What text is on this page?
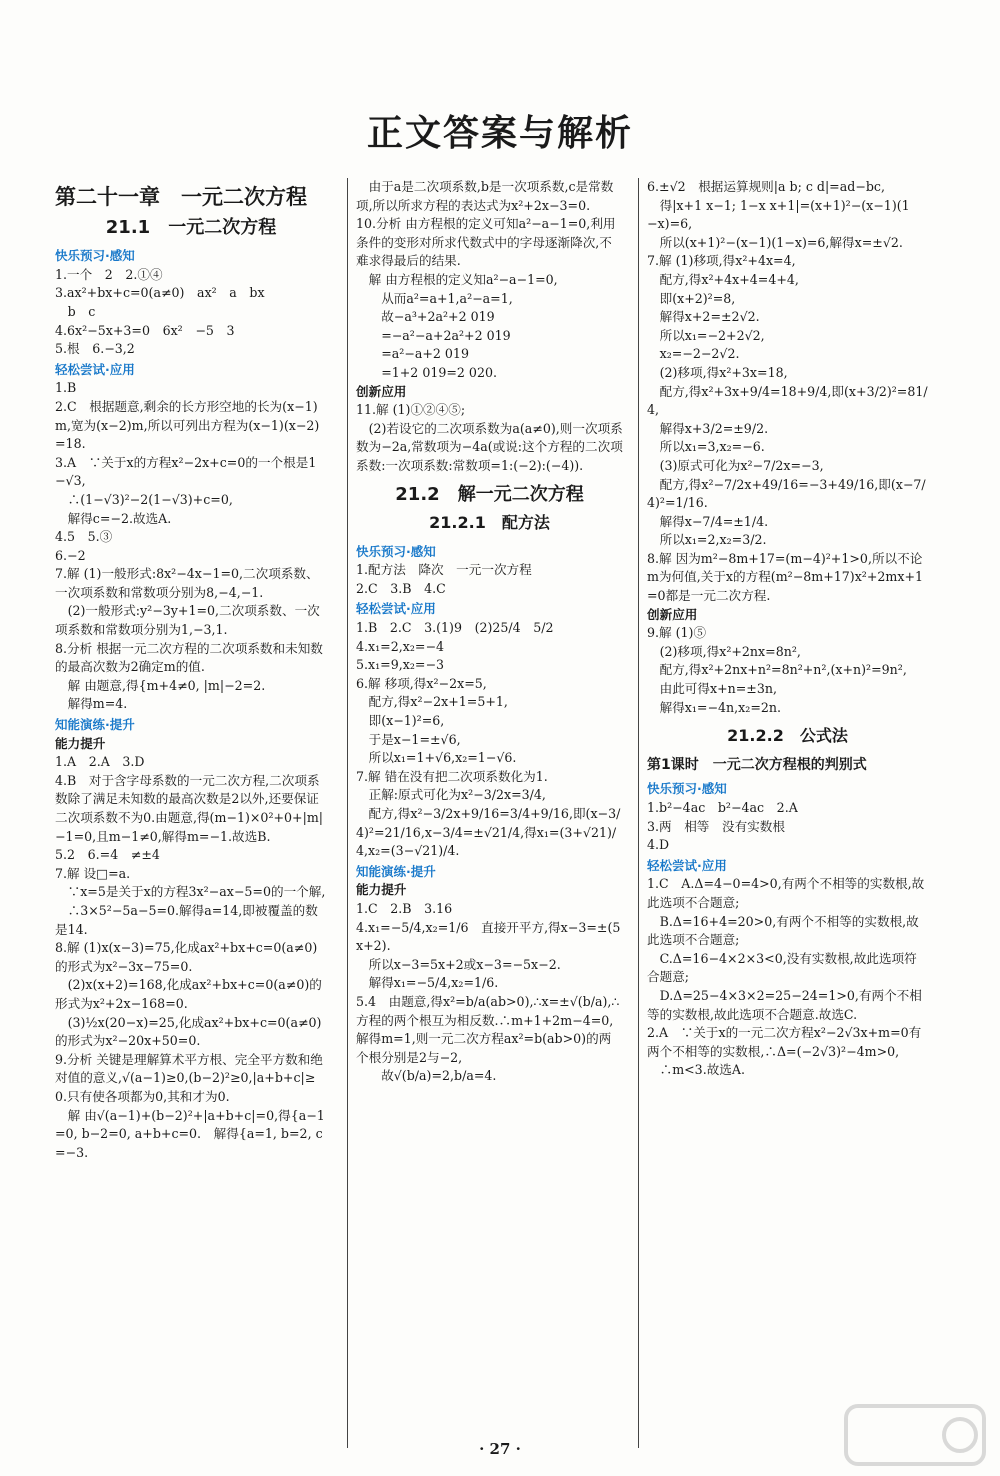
正文答案与解析
第二十一章　一元二次方程
21.1　一元二次方程
快乐预习·感知

1.一个　2　2.①④

3.ax²+bx+c=0(a≠0)　ax²　a　bx

　b　c

4.6x²−5x+3=0　6x²　−5　3

5.根　6.−3,2

轻松尝试·应用

1.B

2.C　根据题意,剩余的长方形空地的长为(x−1)m,宽为(x−2)m,所以可列出方程为(x−1)(x−2)=18.

3.A　∵关于x的方程x²−2x+c=0的一个根是1−√3,

　∴(1−√3)²−2(1−√3)+c=0,

　解得c=−2.故选A.

4.5　5.③

6.−2

7.解 (1)一般形式:8x²−4x−1=0,二次项系数、一次项系数和常数项分别为8,−4,−1.

　(2)一般形式:y²−3y+1=0,二次项系数、一次项系数和常数项分别为1,−3,1.

8.分析 根据一元二次方程的二次项系数和未知数的最高次数为2确定m的值.

　解 由题意,得{m+4≠0, |m|−2=2.

　解得m=4.

知能演练·提升
能力提升

1.A　2.A　3.D

4.B　对于含字母系数的一元二次方程,二次项系数除了满足未知数的最高次数是2以外,还要保证二次项系数不为0.由题意,得(m−1)×0²+0+|m|−1=0,且m−1≠0,解得m=−1.故选B.

5.2　6.=4　≠±4

7.解 设□=a.

　∵x=5是关于x的方程3x²−ax−5=0的一个解,

　∴3×5²−5a−5=0.解得a=14,即被覆盖的数是14.

8.解 (1)x(x−3)=75,化成ax²+bx+c=0(a≠0)的形式为x²−3x−75=0.

　(2)x(x+2)=168,化成ax²+bx+c=0(a≠0)的形式为x²+2x−168=0.

　(3)½x(20−x)=25,化成ax²+bx+c=0(a≠0)的形式为x²−20x+50=0.

9.分析 关键是理解算术平方根、完全平方数和绝对值的意义,√(a−1)≥0,(b−2)²≥0,|a+b+c|≥0.只有使各项都为0,其和才为0.

　解 由√(a−1)+(b−2)²+|a+b+c|=0,得{a−1=0, b−2=0, a+b+c=0.　解得{a=1, b=2, c=−3.

　由于a是二次项系数,b是一次项系数,c是常数项,所以所求方程的表达式为x²+2x−3=0.

10.分析 由方程根的定义可知a²−a−1=0,利用条件的变形对所求代数式中的字母逐渐降次,不难求得最后的结果.

　解 由方程根的定义知a²−a−1=0,

　　从而a²=a+1,a²−a=1,

　　故−a³+2a²+2 019

　　=−a²−a+2a²+2 019

　　=a²−a+2 019

　　=1+2 019=2 020.

创新应用

11.解 (1)①②④⑤;

　(2)若设它的二次项系数为a(a≠0),则一次项系数为−2a,常数项为−4a(或说:这个方程的二次项系数:一次项系数:常数项=1:(−2):(−4)).

21.2　解一元二次方程
21.2.1　配方法
快乐预习·感知

1.配方法　降次　一元一次方程

2.C　3.B　4.C

轻松尝试·应用

1.B　2.C　3.(1)9　(2)25/4　5/2

4.x₁=2,x₂=−4

5.x₁=9,x₂=−3

6.解 移项,得x²−2x=5,

　配方,得x²−2x+1=5+1,

　即(x−1)²=6,

　于是x−1=±√6,

　所以x₁=1+√6,x₂=1−√6.

7.解 错在没有把二次项系数化为1.

　正解:原式可化为x²−3/2x=3/4,

　配方,得x²−3/2x+9/16=3/4+9/16,即(x−3/4)²=21/16,x−3/4=±√21/4,得x₁=(3+√21)/4,x₂=(3−√21)/4.

知能演练·提升
能力提升

1.C　2.B　3.16

4.x₁=−5/4,x₂=1/6　直接开平方,得x−3=±(5x+2).

　所以x−3=5x+2或x−3=−5x−2.

　解得x₁=−5/4,x₂=1/6.

5.4　由题意,得x²=b/a(ab>0),∴x=±√(b/a),∴方程的两个根互为相反数.∴m+1+2m−4=0,解得m=1,则一元二次方程ax²=b(ab>0)的两个根分别是2与−2,

　　故√(b/a)=2,b/a=4.

6.±√2　根据运算规则|a b; c d|=ad−bc,

　得|x+1 x−1; 1−x x+1|=(x+1)²−(x−1)(1−x)=6,

　所以(x+1)²−(x−1)(1−x)=6,解得x=±√2.

7.解 (1)移项,得x²+4x=4,

　配方,得x²+4x+4=4+4,

　即(x+2)²=8,

　解得x+2=±2√2.

　所以x₁=−2+2√2,

　x₂=−2−2√2.

　(2)移项,得x²+3x=18,

　配方,得x²+3x+9/4=18+9/4,即(x+3/2)²=81/4,

　解得x+3/2=±9/2.

　所以x₁=3,x₂=−6.

　(3)原式可化为x²−7/2x=−3,

　配方,得x²−7/2x+49/16=−3+49/16,即(x−7/4)²=1/16.

　解得x−7/4=±1/4.

　所以x₁=2,x₂=3/2.

8.解 因为m²−8m+17=(m−4)²+1>0,所以不论m为何值,关于x的方程(m²−8m+17)x²+2mx+1=0都是一元二次方程.

创新应用

9.解 (1)⑤

　(2)移项,得x²+2nx=8n²,

　配方,得x²+2nx+n²=8n²+n²,(x+n)²=9n²,

　由此可得x+n=±3n,

　解得x₁=−4n,x₂=2n.

21.2.2　公式法
第1课时　一元二次方程根的判别式
快乐预习·感知

1.b²−4ac　b²−4ac　2.A

3.两　相等　没有实数根

4.D

轻松尝试·应用

1.C　A.Δ=4−0=4>0,有两个不相等的实数根,故此选项不合题意;

　B.Δ=16+4=20>0,有两个不相等的实数根,故此选项不合题意;

　C.Δ=16−4×2×3<0,没有实数根,故此选项符合题意;

　D.Δ=25−4×3×2=25−24=1>0,有两个不相等的实数根,故此选项不合题意.故选C.

2.A　∵关于x的一元二次方程x²−2√3x+m=0有两个不相等的实数根,∴Δ=(−2√3)²−4m>0,

　∴m<3.故选A.

· 27 ·
